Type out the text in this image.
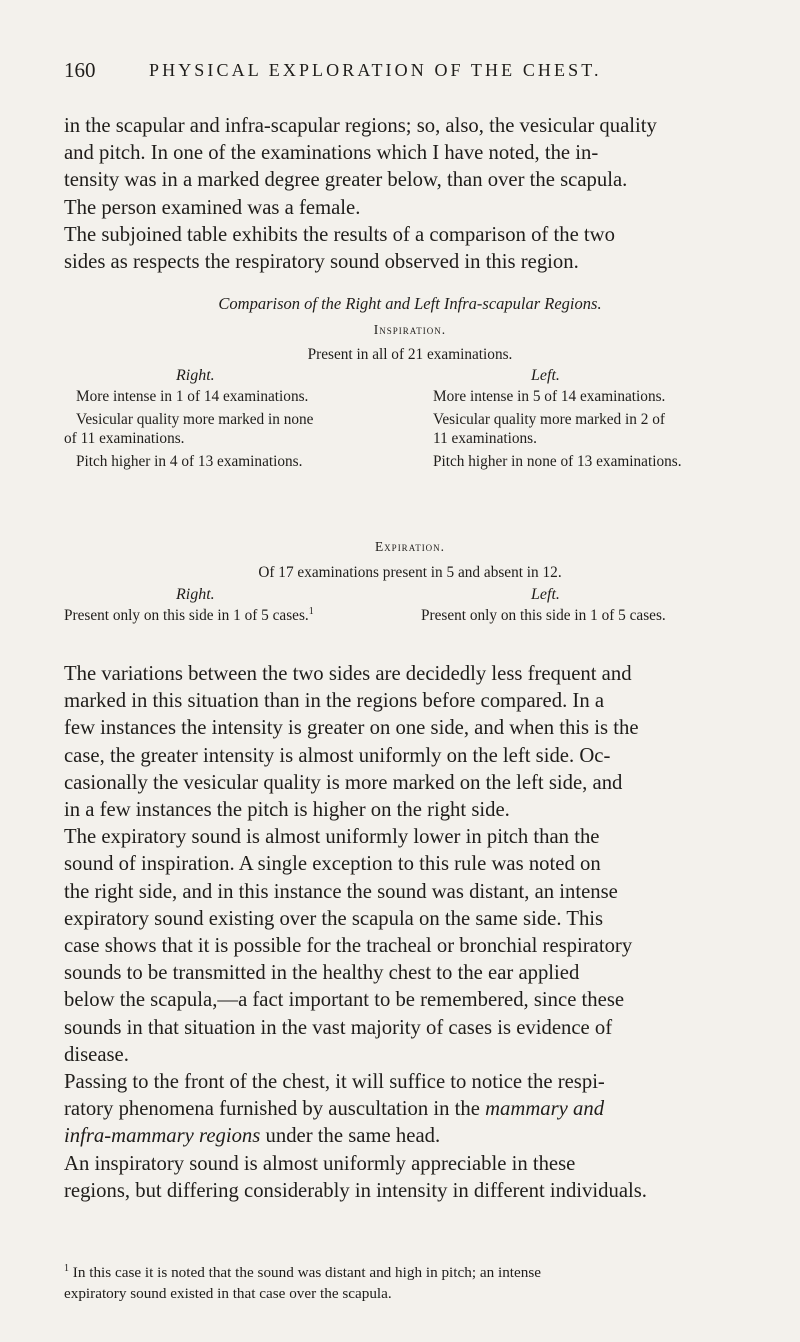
160	PHYSICAL EXPLORATION OF THE CHEST.
in the scapular and infra-scapular regions; so, also, the vesicular quality
and pitch. In one of the examinations which I have noted, the in-
tensity was in a marked degree greater below, than over the scapula.
The person examined was a female.
The subjoined table exhibits the results of a comparison of the two
sides as respects the respiratory sound observed in this region.
Comparison of the Right and Left Infra-scapular Regions.
Inspiration.
Present in all of 21 examinations.
Right.
More intense in 1 of 14 examinations.
Vesicular quality more marked in none
of 11 examinations.
Pitch higher in 4 of 13 examinations.
Left.
More intense in 5 of 14 examinations.
Vesicular quality more marked in 2 of
11 examinations.
Pitch higher in none of 13 examinations.
Expiration.
Of 17 examinations present in 5 and absent in 12.
Right.
Present only on this side in 1 of 5 cases.$^1$
Left.
Present only on this side in 1 of 5 cases.
The variations between the two sides are decidedly less frequent and
marked in this situation than in the regions before compared. In a
few instances the intensity is greater on one side, and when this is the
case, the greater intensity is almost uniformly on the left side. Oc-
casionally the vesicular quality is more marked on the left side, and
in a few instances the pitch is higher on the right side.
The expiratory sound is almost uniformly lower in pitch than the
sound of inspiration. A single exception to this rule was noted on
the right side, and in this instance the sound was distant, an intense
expiratory sound existing over the scapula on the same side. This
case shows that it is possible for the tracheal or bronchial respiratory
sounds to be transmitted in the healthy chest to the ear applied
below the scapula,—a fact important to be remembered, since these
sounds in that situation in the vast majority of cases is evidence of
disease.
Passing to the front of the chest, it will suffice to notice the respi-
ratory phenomena furnished by auscultation in the mammary and
infra-mammary regions under the same head.
An inspiratory sound is almost uniformly appreciable in these
regions, but differing considerably in intensity in different individuals.
$^1$ In this case it is noted that the sound was distant and high in pitch; an intense
expiratory sound existed in that case over the scapula.
